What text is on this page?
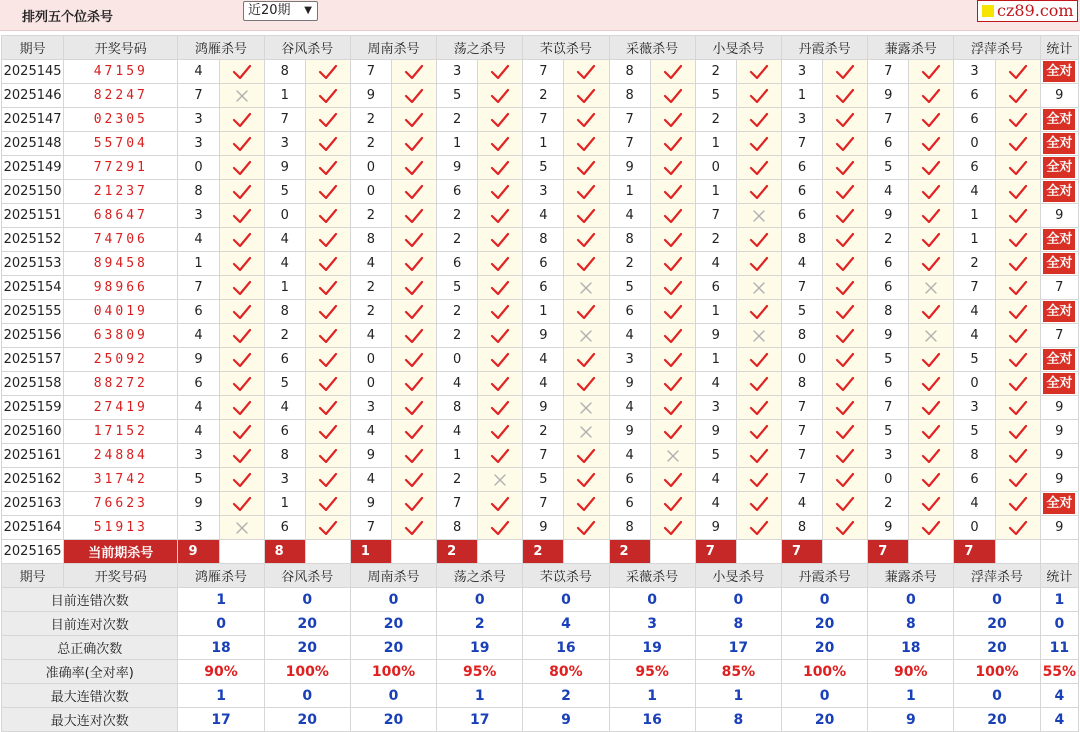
排列五个位杀号	近20期 ▼	cz89.com
期号	开奖号码	鸿雁杀号		谷风杀号		周南杀号		荡之杀号		芣苡杀号		采薇杀号		小旻杀号		丹霞杀号		蒹露杀号		浮萍杀号		统计
2025145	47159	4		8		7		3		7		8		2		3		7		3		全对
2025146	82247	7		1		9		5		2		8		5		1		9		6		9
2025147	02305	3		7		2		2		7		7		2		3		7		6		全对
2025148	55704	3		3		2		1		1		7		1		7		6		0		全对
2025149	77291	0		9		0		9		5		9		0		6		5		6		全对
2025150	21237	8		5		0		6		3		1		1		6		4		4		全对
2025151	68647	3		0		2		2		4		4		7		6		9		1		9
2025152	74706	4		4		8		2		8		8		2		8		2		1		全对
2025153	89458	1		4		4		6		6		2		4		4		6		2		全对
2025154	98966	7		1		2		5		6		5		6		7		6		7		7
2025155	04019	6		8		2		2		1		6		1		5		8		4		全对
2025156	63809	4		2		4		2		9		4		9		8		9		4		7
2025157	25092	9		6		0		0		4		3		1		0		5		5		全对
2025158	88272	6		5		0		4		4		9		4		8		6		0		全对
2025159	27419	4		4		3		8		9		4		3		7		7		3		9
2025160	17152	4		6		4		4		2		9		9		7		5		5		9
2025161	24884	3		8		9		1		7		4		5		7		3		8		9
2025162	31742	5		3		4		2		5		6		4		7		0		6		9
2025163	76623	9		1		9		7		7		6		4		4		2		4		全对
2025164	51913	3		6		7		8		9		8		9		8		9		0		9
2025165	当前期杀号	9		8		1		2		2		2		7		7		7		7		
期号	开奖号码	鸿雁杀号		谷风杀号		周南杀号		荡之杀号		芣苡杀号		采薇杀号		小旻杀号		丹霞杀号		蒹露杀号		浮萍杀号		统计
目前连错次数		1		0		0		0		0		0		0		0		0		0		1
目前连对次数		0		20		20		2		4		3		8		20		8		20		0
总正确次数		18		20		20		19		16		19		17		20		18		20		11
准确率(全对率)		90%		100%		100%		95%		80%		95%		85%		100%		90%		100%		55%
最大连错次数		1		0		0		1		2		1		1		0		1		0		4
最大连对次数		17		20		20		17		9		16		8		20		9		20		4
